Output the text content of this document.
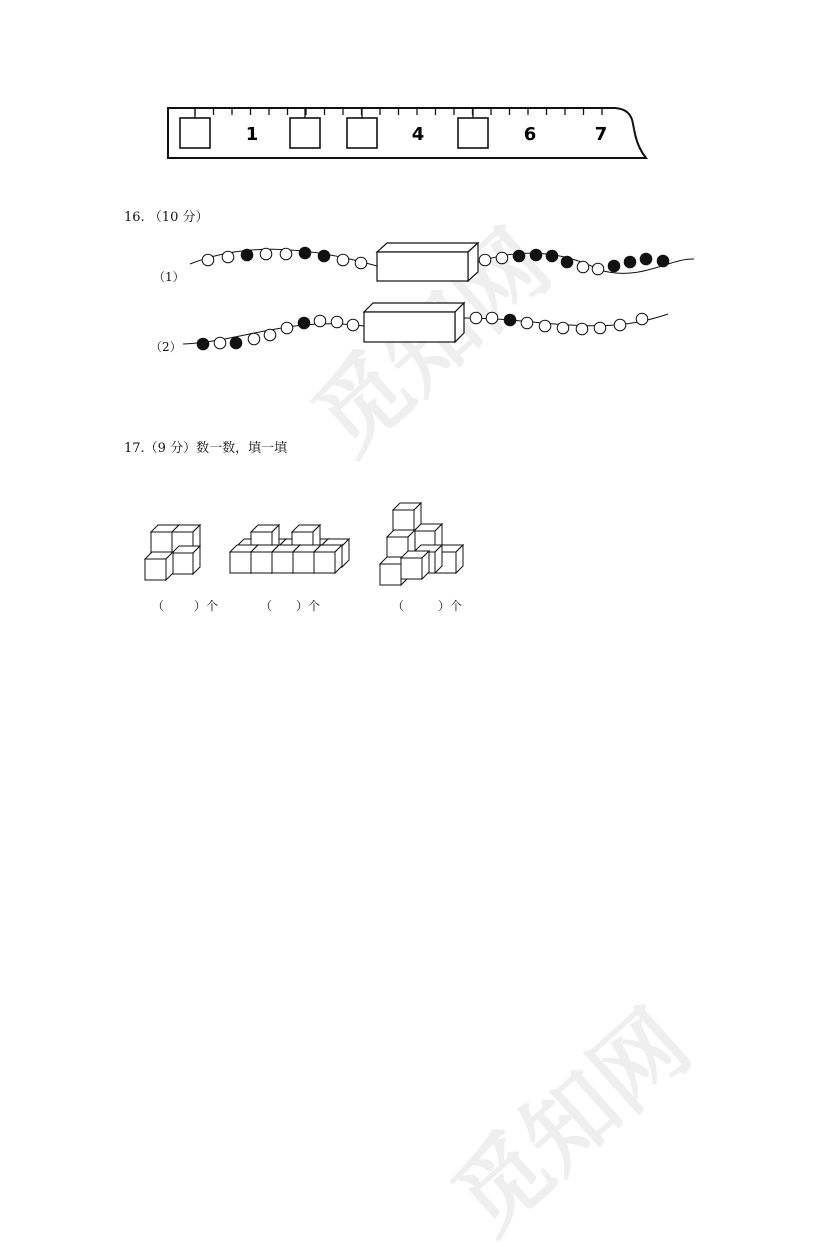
觅知网
1	4	6	7
16. （10 分）
（1）
（2）
17.（9 分）数一数，填一填
（	）个	（ ）个	（	）个
